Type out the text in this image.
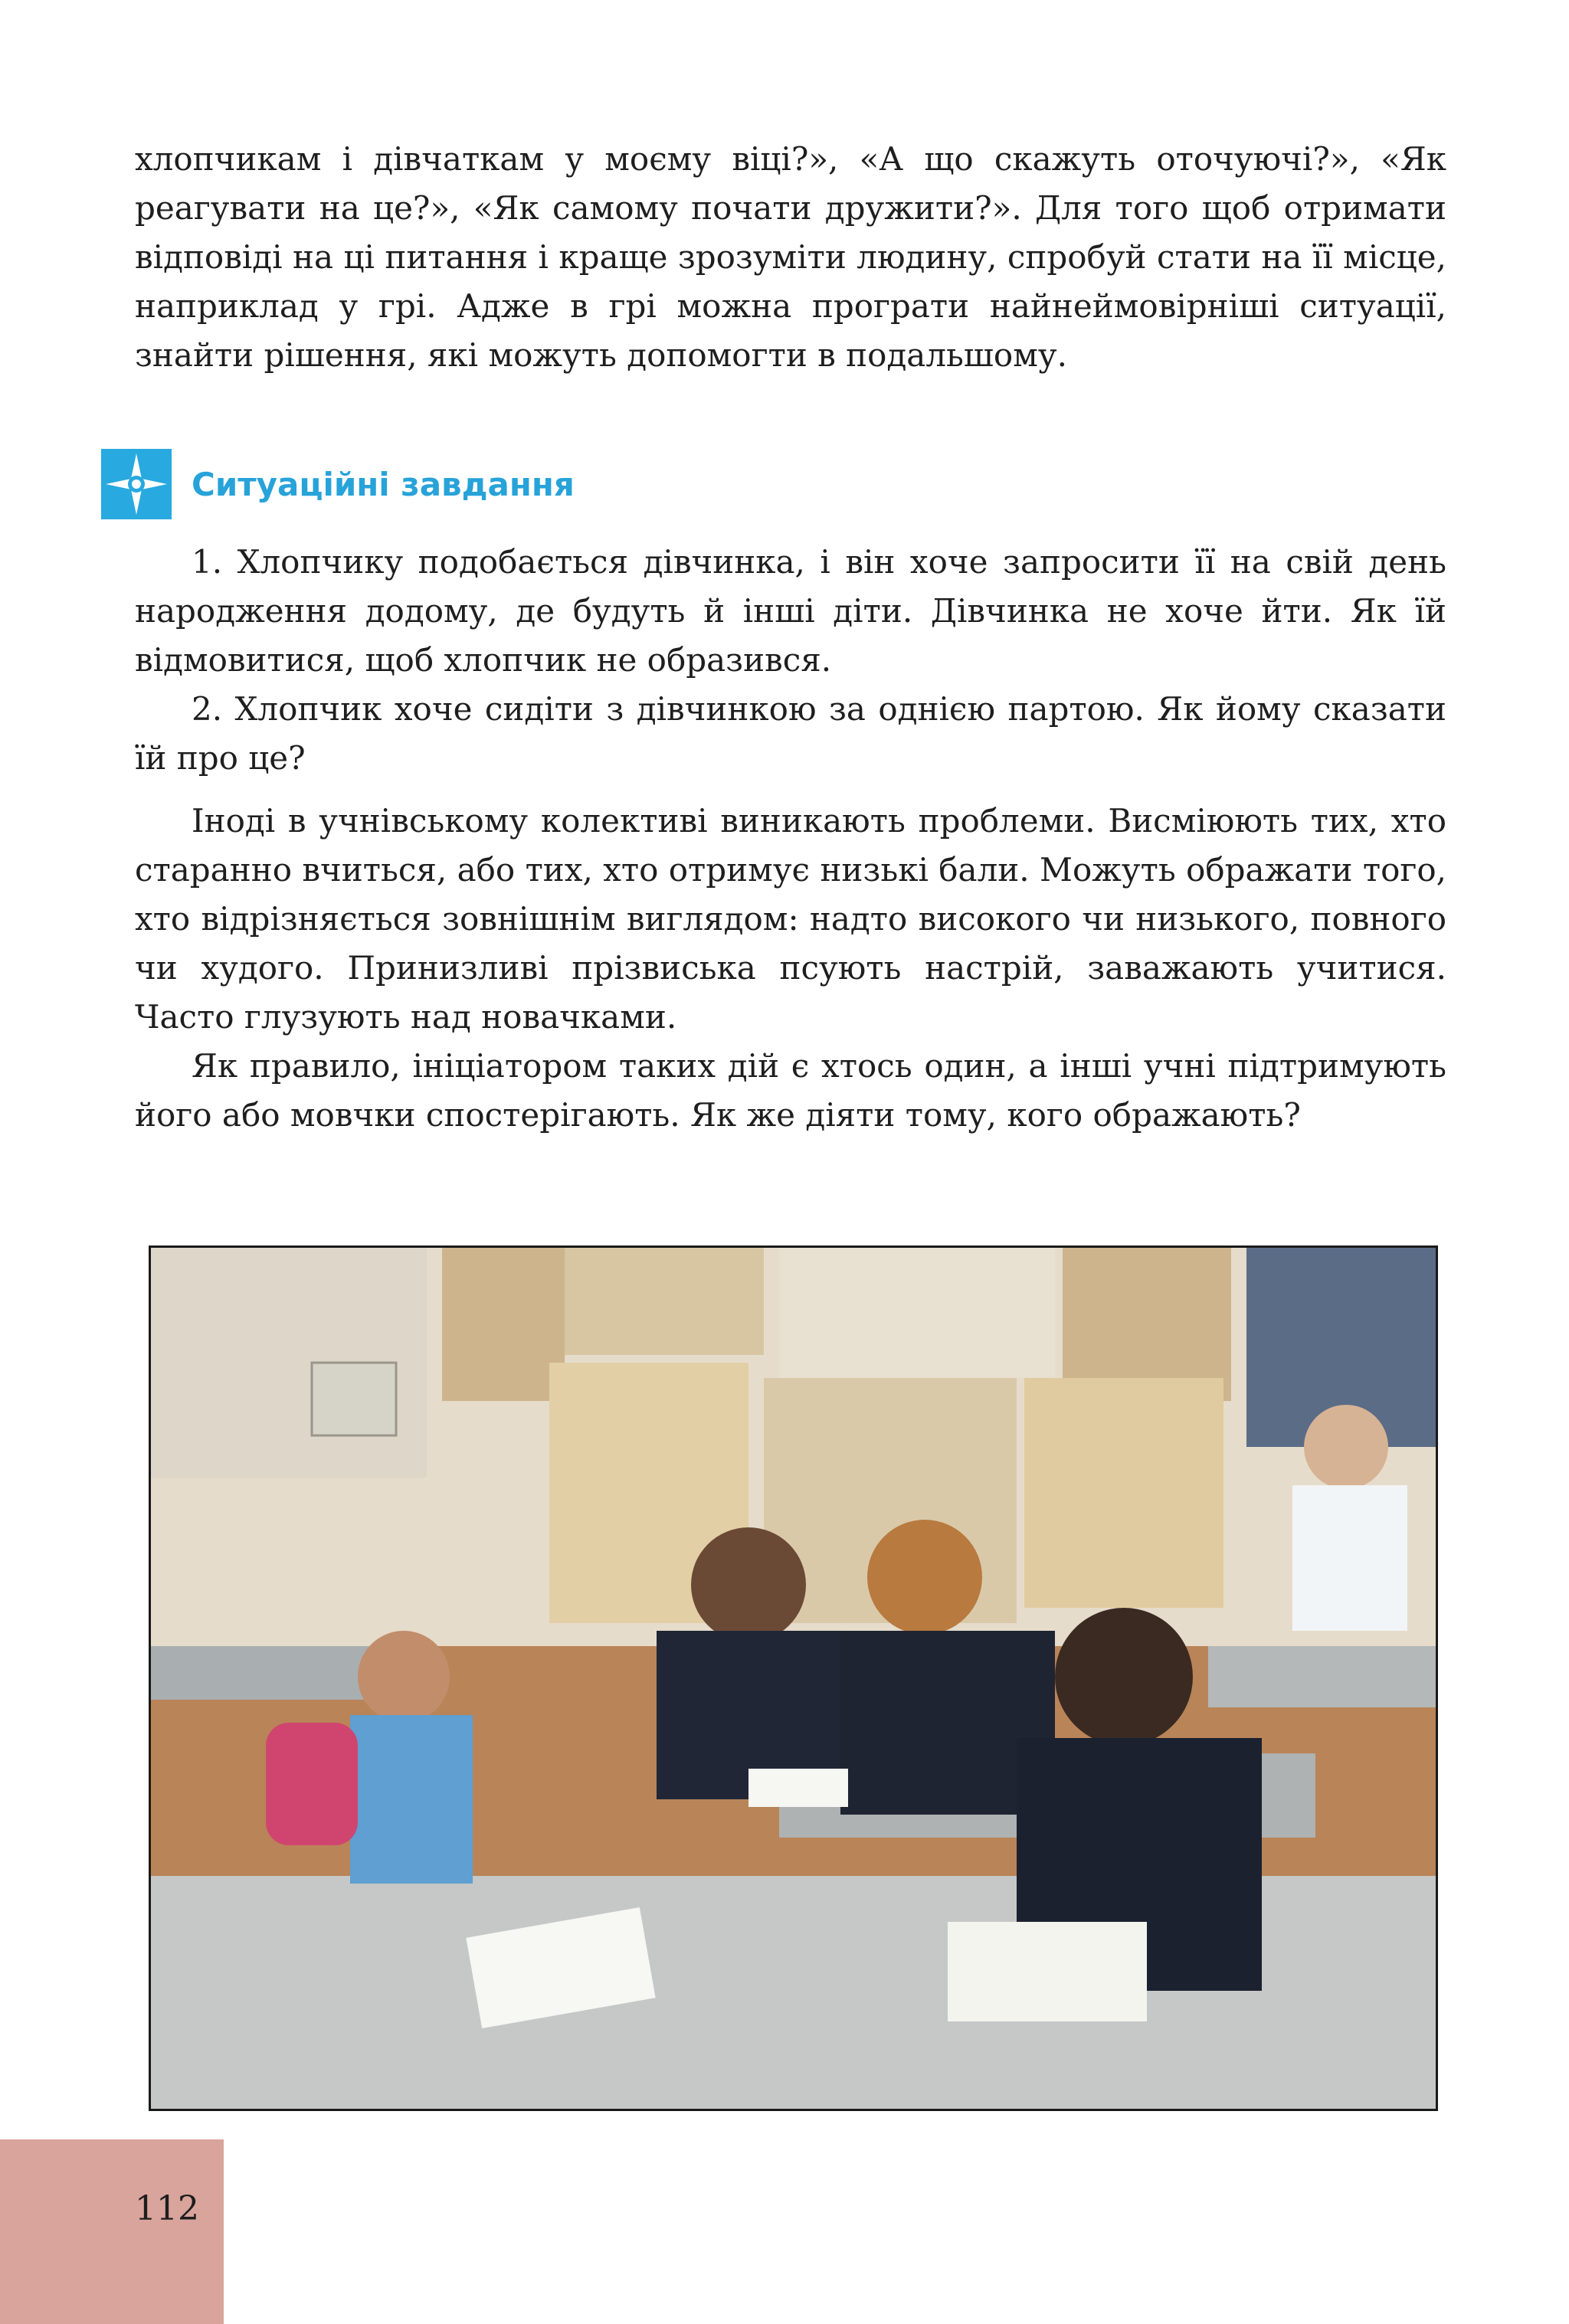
хлопчикам і дівчаткам у моєму віці?», «А що скажуть оточуючі?», «Як реагувати на це?», «Як самому почати дружити?». Для того щоб отримати відповіді на ці питання і краще зрозуміти людину, спробуй стати на її місце, наприклад у грі. Адже в грі можна програти найнеймовірніші ситуації, знайти рішення, які можуть допомогти в подальшому.

Ситуаційні завдання

1. Хлопчику подобається дівчинка, і він хоче запросити її на свій день народження додому, де будуть й інші діти. Дівчинка не хоче йти. Як їй відмовитися, щоб хлопчик не образився.

2. Хлопчик хоче сидіти з дівчинкою за однією партою. Як йому сказати їй про це?

Іноді в учнівському колективі виникають проблеми. Висміюють тих, хто старанно вчиться, або тих, хто отримує низькі бали. Можуть ображати того, хто відрізняється зовнішнім виглядом: надто високого чи низького, повного чи худого. Принизливі прізвиська псують настрій, заважають учитися. Часто глузують над новачками.

Як правило, ініціатором таких дій є хтось один, а інші учні підтримують його або мовчки спостерігають. Як же діяти тому, кого ображають?

112
